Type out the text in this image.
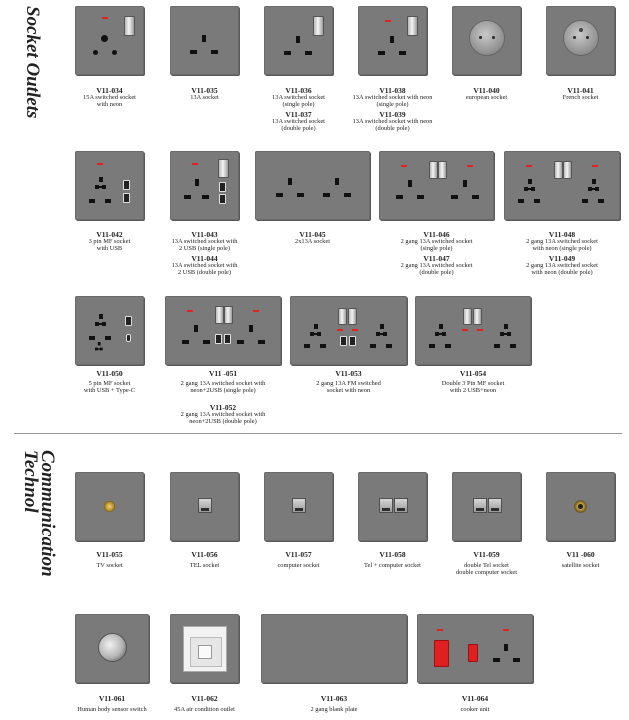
Socket Outlets
Communication Technol
V11-034
15A switched socket
with neon
V11-035
13A socket
V11-036
13A switched socket
(single pole)
V11-037
13A switched socket
(double pole)
V11-038
13A switched socket with neon
(single pole)
V11-039
13A switched socket with neon
(double pole)
V11-040
european socket
V11-041
French socket
V11-042
3 pin MF socket
with USB
V11-043
13A switched socket with
2 USB (single pole)
V11-044
13A switched socket with
2 USB (double pole)
V11-045
2x13A socket
V11-046
2 gang 13A switched socket
(single pole)
V11-047
2 gang 13A switched socket
(double pole)
V11-048
2 gang 13A switched socket
with neon (single pole)
V11-049
2 gang 13A switched socket
with neon (double pole)
V11-050
5 pin MF socket
with USB + Type-C
V11 -051
2 gang 13A switched socket with
neon+2USB (single pole)
V11-052
2 gang 13A switched socket with
neon+2USB (double pole)
V11-053
2 gang 13A FM switched
socket with neon
V11-054
Double 3 Pin MF socket
with 2 USB+neon
V11-055
TV socket
V11-056
TEL socket
V11-057
computer socket
V11-058
Tel + computer socket
V11-059
double Tel socket
double computer socket
V11 -060
satellite socket
V11-061
Human body sensor switch
V11-062
45A air condition outlet
V11-063
2 gang blank plate
V11-064
cooker unit
